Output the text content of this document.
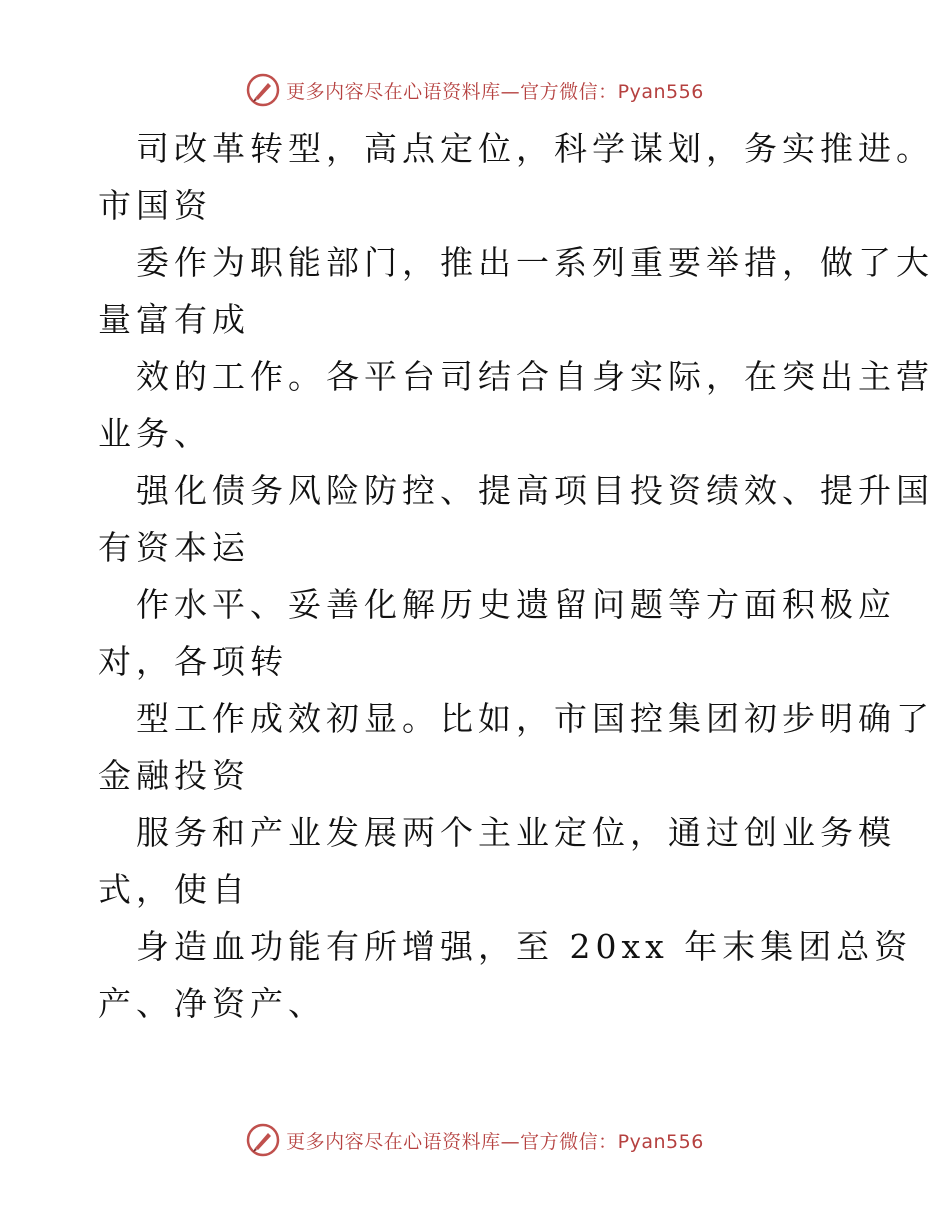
更多内容尽在心语资料库—官方微信：Pyan556
司改革转型，高点定位，科学谋划，务实推进。
市国资
委作为职能部门，推出一系列重要举措，做了大
量富有成
效的工作。各平台司结合自身实际，在突出主营
业务、
强化债务风险防控、提高项目投资绩效、提升国
有资本运
作水平、妥善化解历史遗留问题等方面积极应
对，各项转
型工作成效初显。比如，市国控集团初步明确了
金融投资
服务和产业发展两个主业定位，通过创业务模
式，使自
身造血功能有所增强，至 20xx 年末集团总资
产、净资产、
更多内容尽在心语资料库—官方微信：Pyan556
